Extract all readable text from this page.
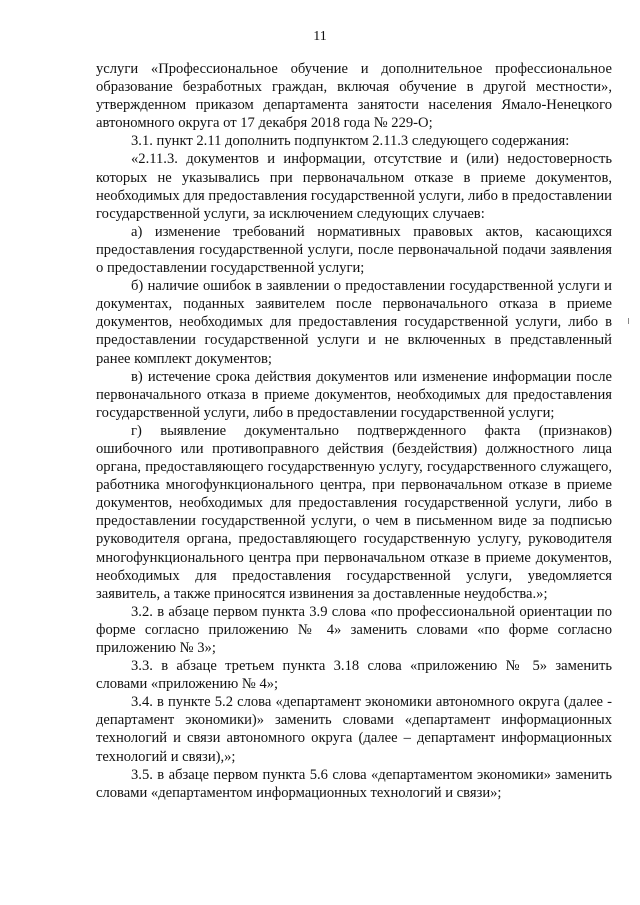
11

услуги «Профессиональное обучение и дополнительное профессиональное образование безработных граждан, включая обучение в другой местности», утвержденном приказом департамента занятости населения Ямало-Ненецкого автономного округа от 17 декабря 2018 года № 229-О;

3.1. пункт 2.11 дополнить подпунктом 2.11.3 следующего содержания:

«2.11.3. документов и информации, отсутствие и (или) недостоверность которых не указывались при первоначальном отказе в приеме документов, необходимых для предоставления государственной услуги, либо в предоставлении государственной услуги, за исключением следующих случаев:

а) изменение требований нормативных правовых актов, касающихся предоставления государственной услуги, после первоначальной подачи заявления о предоставлении государственной услуги;

б) наличие ошибок в заявлении о предоставлении государственной услуги и документах, поданных заявителем после первоначального отказа в приеме документов, необходимых для предоставления государственной услуги, либо в предоставлении государственной услуги и не включенных в представленный ранее комплект документов;

в) истечение срока действия документов или изменение информации после первоначального отказа в приеме документов, необходимых для предоставления государственной услуги, либо в предоставлении государственной услуги;

г) выявление документально подтвержденного факта (признаков) ошибочного или противоправного действия (бездействия) должностного лица органа, предоставляющего государственную услугу, государственного служащего, работника многофункционального центра, при первоначальном отказе в приеме документов, необходимых для предоставления государственной услуги, либо в предоставлении государственной услуги, о чем в письменном виде за подписью руководителя органа, предоставляющего государственную услугу, руководителя многофункционального центра при первоначальном отказе в приеме документов, необходимых для предоставления государственной услуги, уведомляется заявитель, а также приносятся извинения за доставленные неудобства.»;

3.2. в абзаце первом пункта 3.9 слова «по профессиональной ориентации по форме согласно приложению № 4» заменить словами «по форме согласно приложению № 3»;

3.3. в абзаце третьем пункта 3.18 слова «приложению № 5» заменить словами «приложению № 4»;

3.4. в пункте 5.2 слова «департамент экономики автономного округа (далее - департамент экономики)» заменить словами «департамент информационных технологий и связи автономного округа (далее – департамент информационных технологий и связи),»;

3.5. в абзаце первом пункта 5.6 слова «департаментом экономики» заменить словами «департаментом информационных технологий и связи»;
